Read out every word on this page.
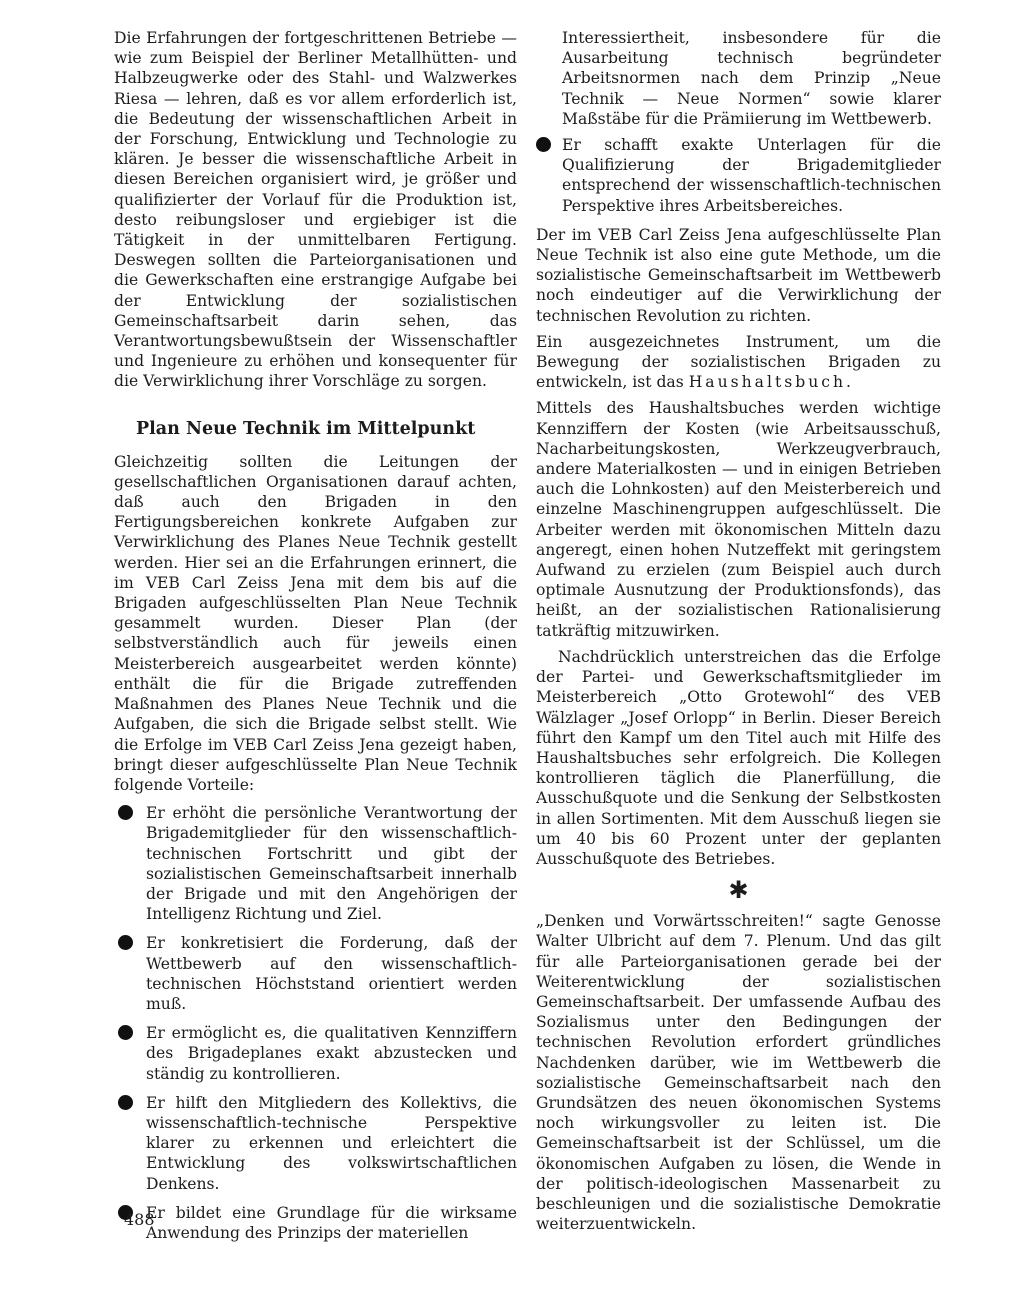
Die Erfahrungen der fortgeschrittenen Betriebe — wie zum Beispiel der Berliner Metallhütten- und Halbzeugwerke oder des Stahl- und Walzwerkes Riesa — lehren, daß es vor allem erforderlich ist, die Bedeutung der wissenschaftlichen Arbeit in der Forschung, Entwicklung und Technologie zu klären. Je besser die wissenschaftliche Arbeit in diesen Bereichen organisiert wird, je größer und qualifizierter der Vorlauf für die Produktion ist, desto reibungsloser und ergiebiger ist die Tätigkeit in der unmittelbaren Fertigung. Deswegen sollten die Parteiorganisationen und die Gewerkschaften eine erstrangige Aufgabe bei der Entwicklung der sozialistischen Gemeinschaftsarbeit darin sehen, das Verantwortungsbewußtsein der Wissenschaftler und Ingenieure zu erhöhen und konsequenter für die Verwirklichung ihrer Vorschläge zu sorgen.

Plan Neue Technik im Mittelpunkt

Gleichzeitig sollten die Leitungen der gesellschaftlichen Organisationen darauf achten, daß auch den Brigaden in den Fertigungsbereichen konkrete Aufgaben zur Verwirklichung des Planes Neue Technik gestellt werden. Hier sei an die Erfahrungen erinnert, die im VEB Carl Zeiss Jena mit dem bis auf die Brigaden aufgeschlüsselten Plan Neue Technik gesammelt wurden. Dieser Plan (der selbstverständlich auch für jeweils einen Meisterbereich ausgearbeitet werden könnte) enthält die für die Brigade zutreffenden Maßnahmen des Planes Neue Technik und die Aufgaben, die sich die Brigade selbst stellt. Wie die Erfolge im VEB Carl Zeiss Jena gezeigt haben, bringt dieser aufgeschlüsselte Plan Neue Technik folgende Vorteile:

Er erhöht die persönliche Verantwortung der Brigademitglieder für den wissenschaftlich-technischen Fortschritt und gibt der sozialistischen Gemeinschaftsarbeit innerhalb der Brigade und mit den Angehörigen der Intelligenz Richtung und Ziel.
Er konkretisiert die Forderung, daß der Wettbewerb auf den wissenschaftlich-technischen Höchststand orientiert werden muß.
Er ermöglicht es, die qualitativen Kennziffern des Brigadeplanes exakt abzustecken und ständig zu kontrollieren.
Er hilft den Mitgliedern des Kollektivs, die wissenschaftlich-technische Perspektive klarer zu erkennen und erleichtert die Entwicklung des volkswirtschaftlichen Denkens.
Er bildet eine Grundlage für die wirksame Anwendung des Prinzips der materiellen

Interessiertheit, insbesondere für die Ausarbeitung technisch begründeter Arbeitsnormen nach dem Prinzip „Neue Technik — Neue Normen“ sowie klarer Maßstäbe für die Prämiierung im Wettbewerb.

Er schafft exakte Unterlagen für die Qualifizierung der Brigademitglieder entsprechend der wissenschaftlich-technischen Perspektive ihres Arbeitsbereiches.

Der im VEB Carl Zeiss Jena aufgeschlüsselte Plan Neue Technik ist also eine gute Methode, um die sozialistische Gemeinschaftsarbeit im Wettbewerb noch eindeutiger auf die Verwirklichung der technischen Revolution zu richten.

Ein ausgezeichnetes Instrument, um die Bewegung der sozialistischen Brigaden zu entwickeln, ist das Haushaltsbuch.

Mittels des Haushaltsbuches werden wichtige Kennziffern der Kosten (wie Arbeitsausschuß, Nacharbeitungskosten, Werkzeugverbrauch, andere Materialkosten — und in einigen Betrieben auch die Lohnkosten) auf den Meisterbereich und einzelne Maschinengruppen aufgeschlüsselt. Die Arbeiter werden mit ökonomischen Mitteln dazu angeregt, einen hohen Nutzeffekt mit geringstem Aufwand zu erzielen (zum Beispiel auch durch optimale Ausnutzung der Produktionsfonds), das heißt, an der sozialistischen Rationalisierung tatkräftig mitzuwirken.

Nachdrücklich unterstreichen das die Erfolge der Partei- und Gewerkschaftsmitglieder im Meisterbereich „Otto Grotewohl“ des VEB Wälzlager „Josef Orlopp“ in Berlin. Dieser Bereich führt den Kampf um den Titel auch mit Hilfe des Haushaltsbuches sehr erfolgreich. Die Kollegen kontrollieren täglich die Planerfüllung, die Ausschußquote und die Senkung der Selbstkosten in allen Sortimenten. Mit dem Ausschuß liegen sie um 40 bis 60 Prozent unter der geplanten Ausschußquote des Betriebes.

✱

„Denken und Vorwärtsschreiten!“ sagte Genosse Walter Ulbricht auf dem 7. Plenum. Und das gilt für alle Parteiorganisationen gerade bei der Weiterentwicklung der sozialistischen Gemeinschaftsarbeit. Der umfassende Aufbau des Sozialismus unter den Bedingungen der technischen Revolution erfordert gründliches Nachdenken darüber, wie im Wettbewerb die sozialistische Gemeinschaftsarbeit nach den Grundsätzen des neuen ökonomischen Systems noch wirkungsvoller zu leiten ist. Die Gemeinschaftsarbeit ist der Schlüssel, um die ökonomischen Aufgaben zu lösen, die Wende in der politisch-ideologischen Massenarbeit zu beschleunigen und die sozialistische Demokratie weiterzuentwickeln.

488
